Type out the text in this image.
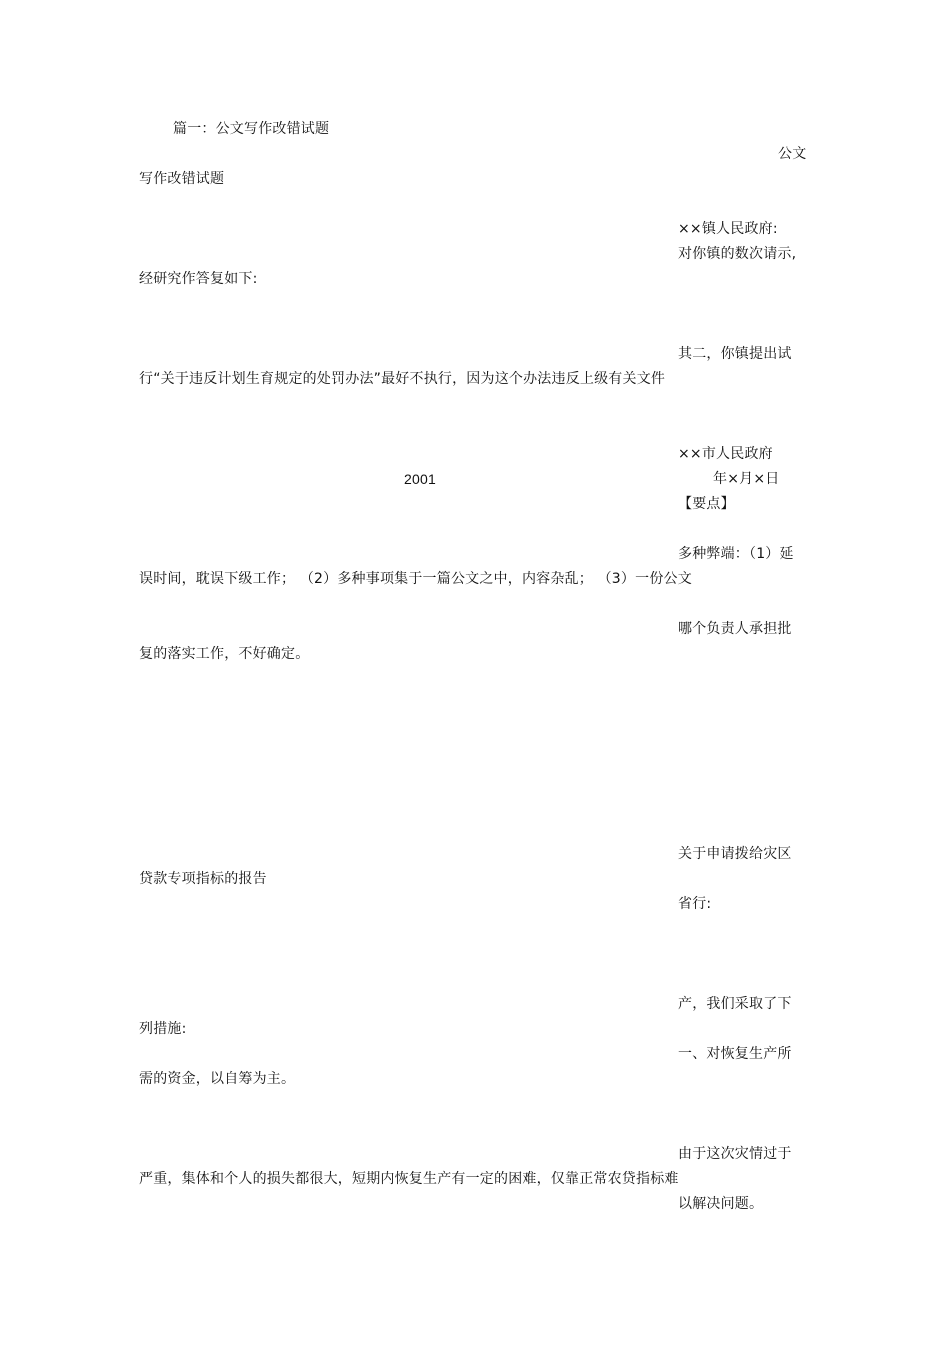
篇一：公文写作改错试题
公文
写作改错试题
××镇人民政府:
对你镇的数次请示,
经研究作答复如下:
其二，你镇提出试
行“关于违反计划生育规定的处罚办法”最好不执行，因为这个办法违反上级有关文件
××市人民政府
2001	年×月×日
【要点】
多种弊端：（1）延
误时间，耽误下级工作； （2）多种事项集于一篇公文之中，内容杂乱； （3）一份公文
哪个负责人承担批
复的落实工作，不好确定。
关于申请拨给灾区
贷款专项指标的报告
省行:
产，我们采取了下
列措施:
一、对恢复生产所
需的资金，以自筹为主。
由于这次灾情过于
严重，集体和个人的损失都很大，短期内恢复生产有一定的困难，仅靠正常农贷指标难
以解决问题。
